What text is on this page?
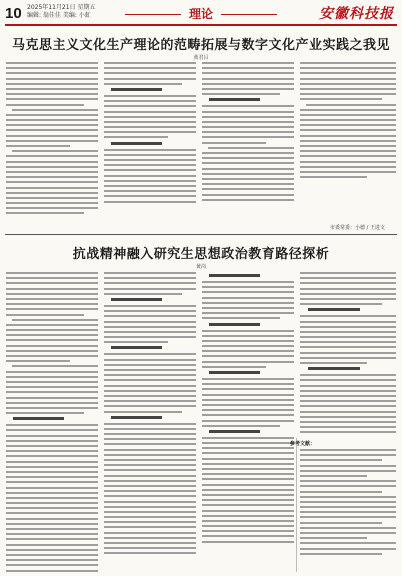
10 2025年11月21日 星期五
编辑: 翁佳佳 美编: 小虹	理论	安徽科技报
马克思主义文化生产理论的范畴拓展与数字文化产业实践之我见
黄君吕
市委常委：小德 / 王进文
抗战精神融入研究生思想政治教育路径探析
黄岗
参考文献：
